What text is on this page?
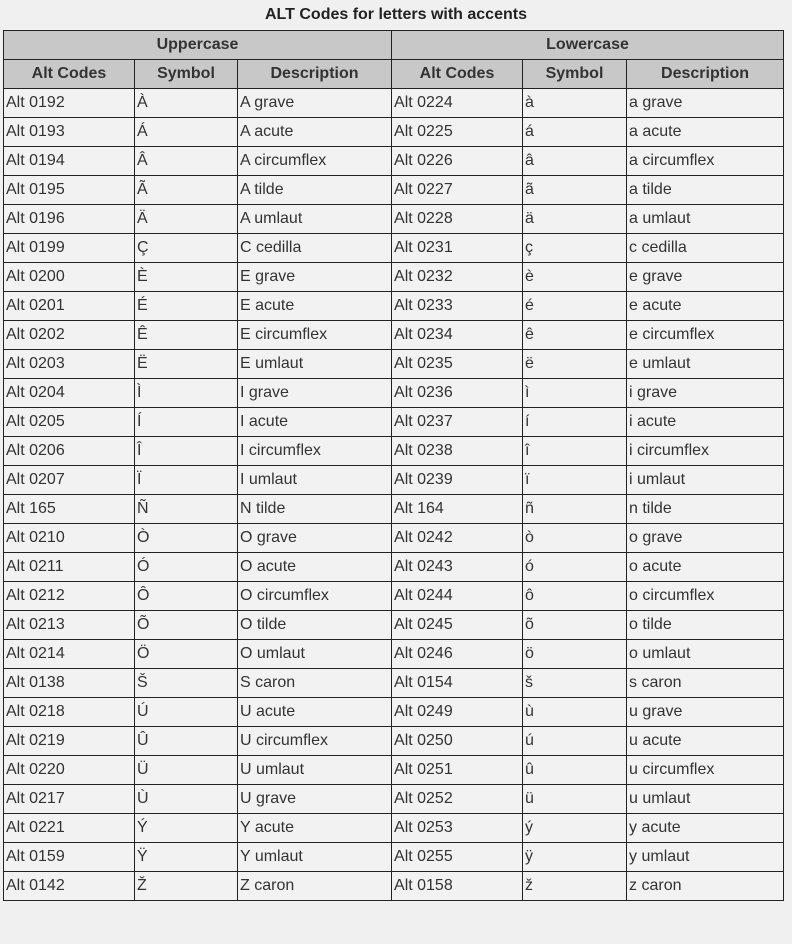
ALT Codes for letters with accents
Uppercase			Lowercase		
Alt Codes	Symbol	Description	Alt Codes	Symbol	Description
Alt 0192	À	A grave	Alt 0224	à	a grave
Alt 0193	Á	A acute	Alt 0225	á	a acute
Alt 0194	Â	A circumflex	Alt 0226	â	a circumflex
Alt 0195	Ã	A tilde	Alt 0227	ã	a tilde
Alt 0196	Ä	A umlaut	Alt 0228	ä	a umlaut
Alt 0199	Ç	C cedilla	Alt 0231	ç	c cedilla
Alt 0200	È	E grave	Alt 0232	è	e grave
Alt 0201	É	E acute	Alt 0233	é	e acute
Alt 0202	Ê	E circumflex	Alt 0234	ê	e circumflex
Alt 0203	Ë	E umlaut	Alt 0235	ë	e umlaut
Alt 0204	Ì	I grave	Alt 0236	ì	i grave
Alt 0205	Í	I acute	Alt 0237	í	i acute
Alt 0206	Î	I circumflex	Alt 0238	î	i circumflex
Alt 0207	Ï	I umlaut	Alt 0239	ï	i umlaut
Alt 165	Ñ	N tilde	Alt 164	ñ	n tilde
Alt 0210	Ò	O grave	Alt 0242	ò	o grave
Alt 0211	Ó	O acute	Alt 0243	ó	o acute
Alt 0212	Ô	O circumflex	Alt 0244	ô	o circumflex
Alt 0213	Õ	O tilde	Alt 0245	õ	o tilde
Alt 0214	Ö	O umlaut	Alt 0246	ö	o umlaut
Alt 0138	Š	S caron	Alt 0154	š	s caron
Alt 0218	Ú	U acute	Alt 0249	ù	u grave
Alt 0219	Û	U circumflex	Alt 0250	ú	u acute
Alt 0220	Ü	U umlaut	Alt 0251	û	u circumflex
Alt 0217	Ù	U grave	Alt 0252	ü	u umlaut
Alt 0221	Ý	Y acute	Alt 0253	ý	y acute
Alt 0159	Ÿ	Y umlaut	Alt 0255	ÿ	y umlaut
Alt 0142	Ž	Z caron	Alt 0158	ž	z caron
